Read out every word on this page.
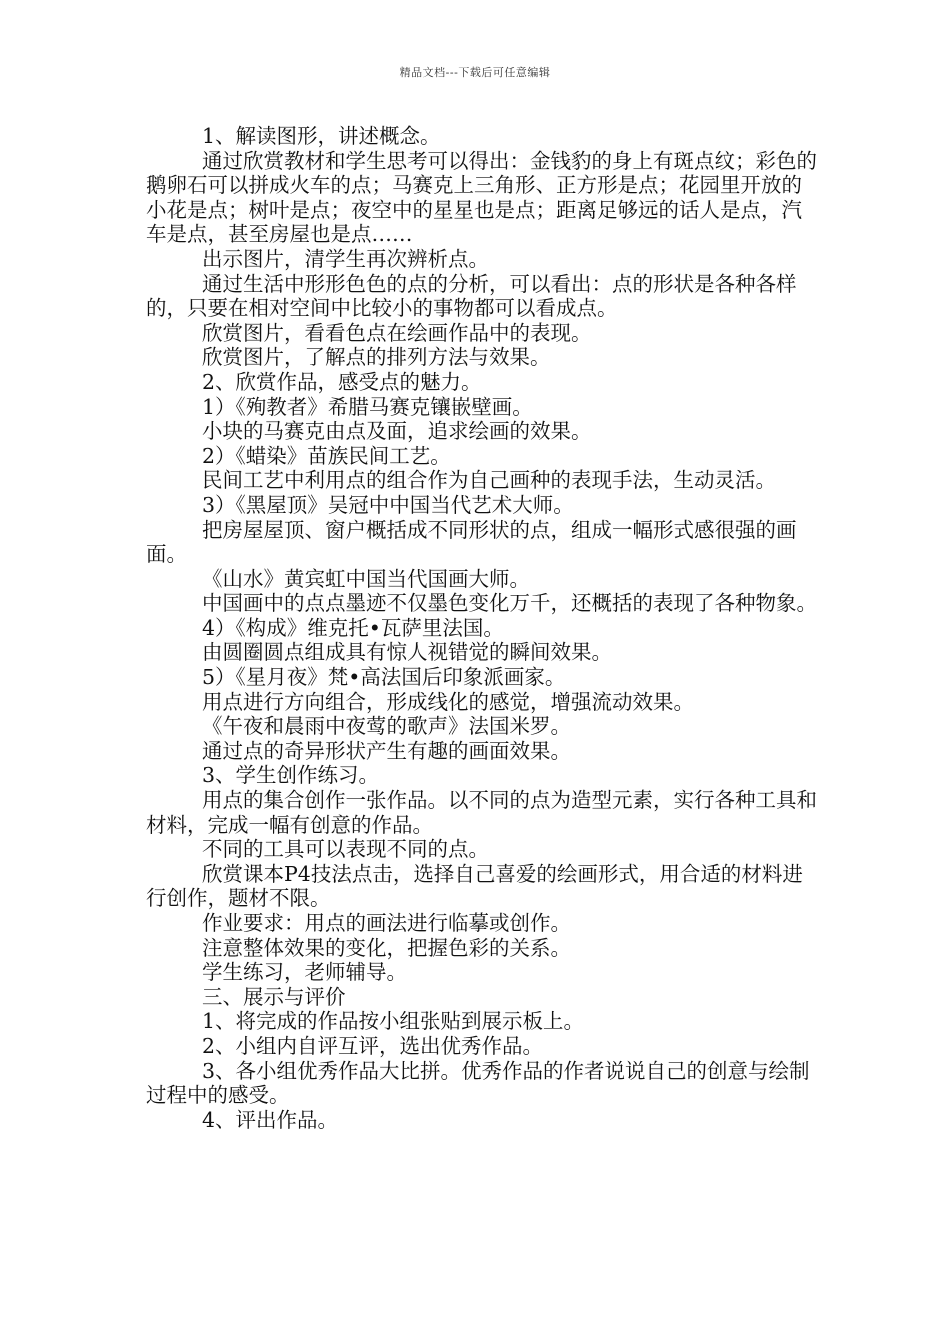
精品文档---下载后可任意编辑

1、解读图形，讲述概念。

通过欣赏教材和学生思考可以得出：金钱豹的身上有斑点纹；彩色的鹅卵石可以拼成火车的点；马赛克上三角形、正方形是点；花园里开放的小花是点；树叶是点；夜空中的星星也是点；距离足够远的话人是点，汽车是点，甚至房屋也是点……

出示图片，清学生再次辨析点。

通过生活中形形色色的点的分析，可以看出：点的形状是各种各样的，只要在相对空间中比较小的事物都可以看成点。

欣赏图片，看看色点在绘画作品中的表现。

欣赏图片，了解点的排列方法与效果。

2、欣赏作品，感受点的魅力。

1）《殉教者》希腊马赛克镶嵌壁画。

小块的马赛克由点及面，追求绘画的效果。

2）《蜡染》苗族民间工艺。

民间工艺中利用点的组合作为自己画种的表现手法，生动灵活。

3）《黑屋顶》吴冠中中国当代艺术大师。

把房屋屋顶、窗户概括成不同形状的点，组成一幅形式感很强的画面。

《山水》黄宾虹中国当代国画大师。

中国画中的点点墨迹不仅墨色变化万千，还概括的表现了各种物象。

4）《构成》维克托•瓦萨里法国。

由圆圈圆点组成具有惊人视错觉的瞬间效果。

5）《星月夜》梵•高法国后印象派画家。

用点进行方向组合，形成线化的感觉，增强流动效果。

《午夜和晨雨中夜莺的歌声》法国米罗。

通过点的奇异形状产生有趣的画面效果。

3、学生创作练习。

用点的集合创作一张作品。以不同的点为造型元素，实行各种工具和材料，完成一幅有创意的作品。

不同的工具可以表现不同的点。

欣赏课本P4技法点击，选择自己喜爱的绘画形式，用合适的材料进行创作，题材不限。

作业要求：用点的画法进行临摹或创作。

注意整体效果的变化，把握色彩的关系。

学生练习，老师辅导。

三、展示与评价

1、将完成的作品按小组张贴到展示板上。

2、小组内自评互评，选出优秀作品。

3、各小组优秀作品大比拼。优秀作品的作者说说自己的创意与绘制过程中的感受。

4、评出作品。
